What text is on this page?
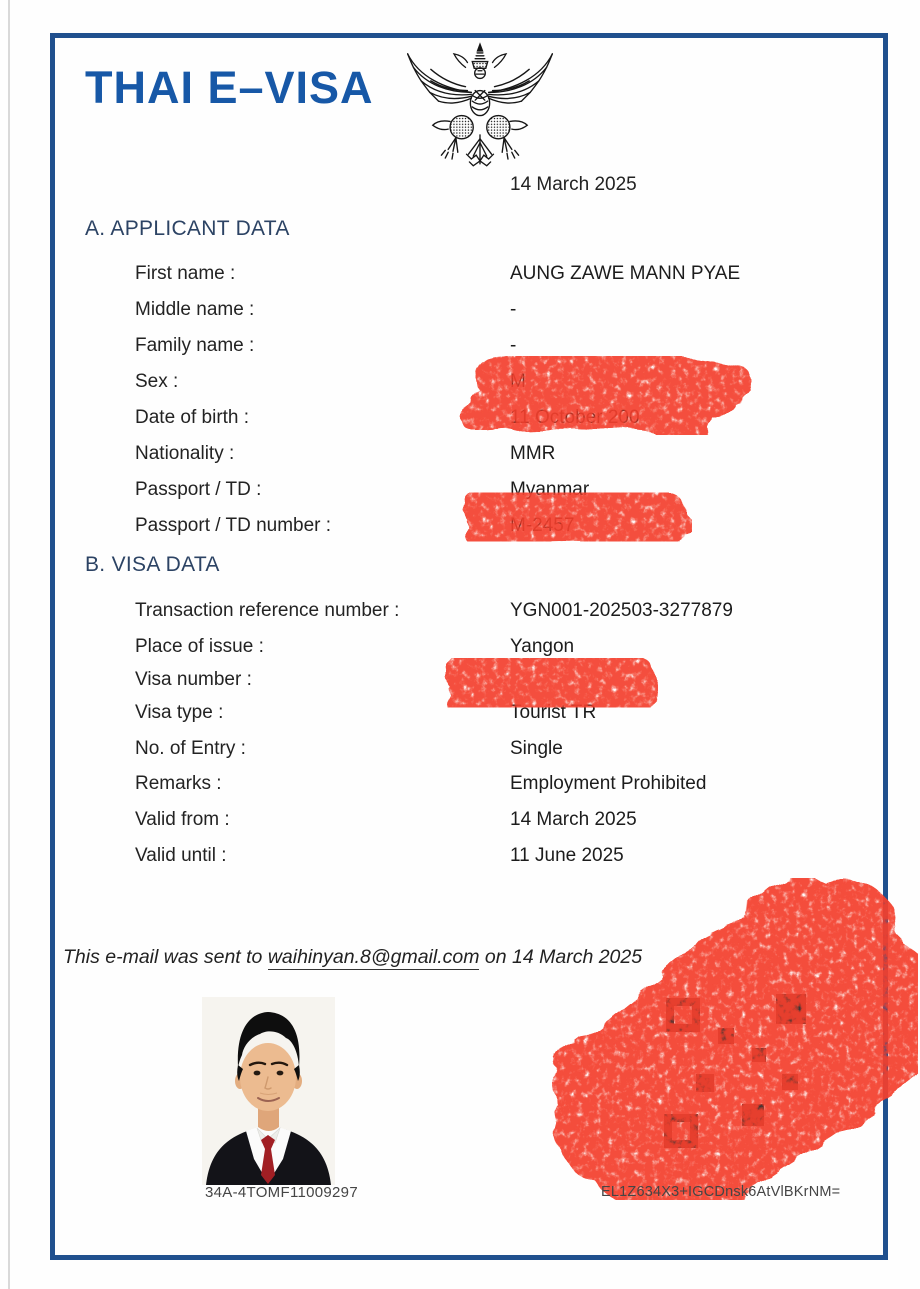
THAI E–VISA
14 March 2025
A. APPLICANT DATA
First name :	AUNG ZAWE MANN PYAE
Middle name :	-
Family name :	-
Sex :	M
Date of birth :	11 October 200
Nationality :	MMR
Passport / TD :	Myanmar
Passport / TD number :	M-2457
B. VISA DATA
Transaction reference number :	YGN001-202503-3277879
Place of issue :	Yangon
Visa number :
Visa type :	Tourist TR
No. of Entry :	Single
Remarks :	Employment Prohibited
Valid from :	14 March 2025
Valid until :	11 June 2025
This e-mail was sent to waihinyan.8@gmail.com on 14 March 2025
34A-4TOMF11009297	EL1Z634X3+IGCDnsk6AtVlBKrNM=
